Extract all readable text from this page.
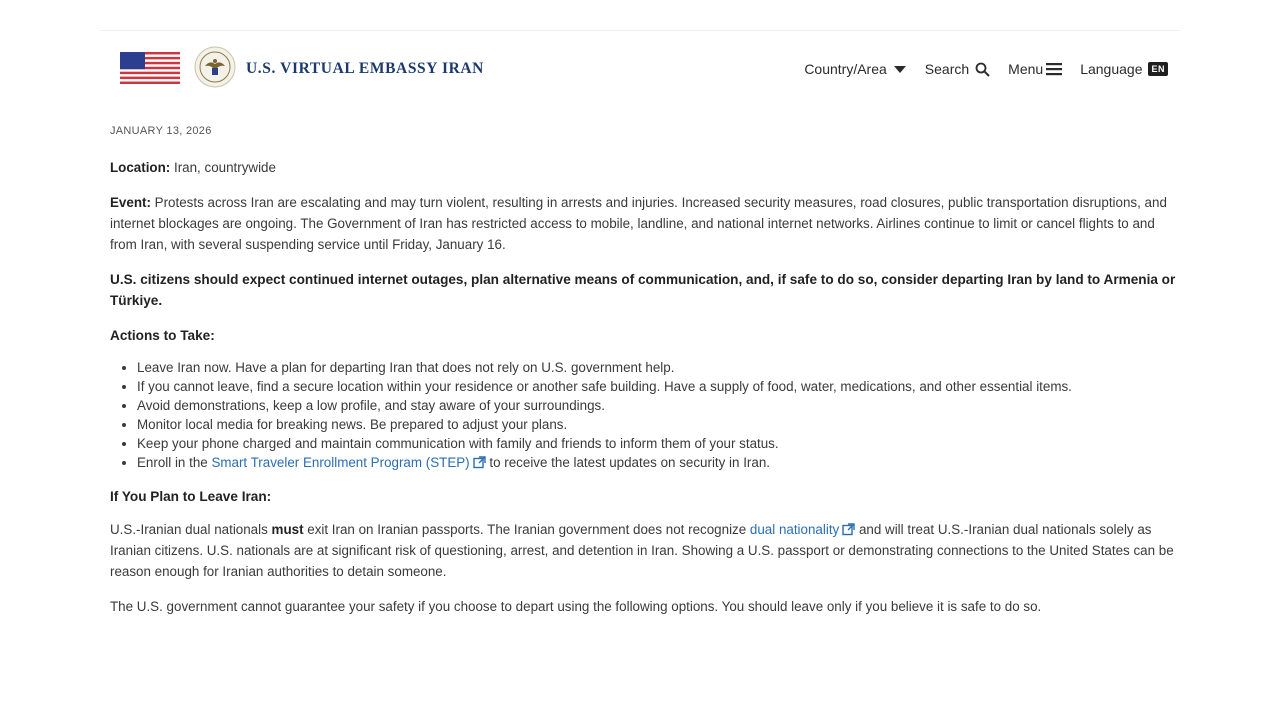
U.S. VIRTUAL EMBASSY IRAN	Country/Area	Search	Menu	Language	EN
JANUARY 13, 2026

Location: Iran, countrywide

Event: Protests across Iran are escalating and may turn violent, resulting in arrests and injuries. Increased security measures, road closures, public transportation disruptions, and internet blockages are ongoing. The Government of Iran has restricted access to mobile, landline, and national internet networks. Airlines continue to limit or cancel flights to and from Iran, with several suspending service until Friday, January 16.

U.S. citizens should expect continued internet outages, plan alternative means of communication, and, if safe to do so, consider departing Iran by land to Armenia or Türkiye.

Actions to Take:
• Leave Iran now. Have a plan for departing Iran that does not rely on U.S. government help.
• If you cannot leave, find a secure location within your residence or another safe building. Have a supply of food, water, medications, and other essential items.
• Avoid demonstrations, keep a low profile, and stay aware of your surroundings.
• Monitor local media for breaking news. Be prepared to adjust your plans.
• Keep your phone charged and maintain communication with family and friends to inform them of your status.
• Enroll in the Smart Traveler Enrollment Program (STEP) to receive the latest updates on security in Iran.
If You Plan to Leave Iran:

U.S.-Iranian dual nationals must exit Iran on Iranian passports. The Iranian government does not recognize dual nationality and will treat U.S.-Iranian dual nationals solely as Iranian citizens. U.S. nationals are at significant risk of questioning, arrest, and detention in Iran. Showing a U.S. passport or demonstrating connections to the United States can be reason enough for Iranian authorities to detain someone.

The U.S. government cannot guarantee your safety if you choose to depart using the following options. You should leave only if you believe it is safe to do so.
